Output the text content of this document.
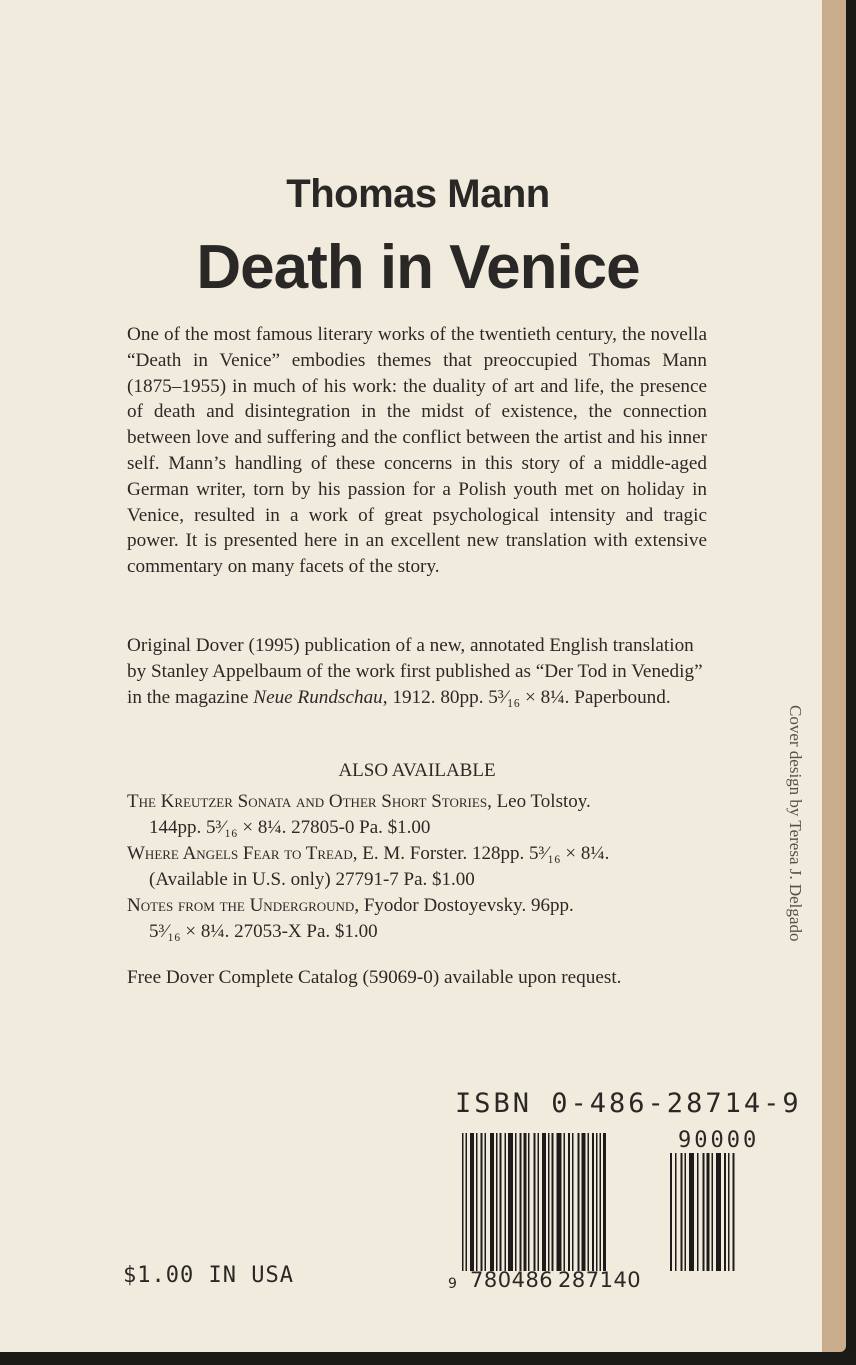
Thomas Mann
Death in Venice
One of the most famous literary works of the twentieth century, the novella “Death in Venice” embodies themes that preoccupied Thomas Mann (1875–1955) in much of his work: the duality of art and life, the presence of death and disintegration in the midst of existence, the connection between love and suffering and the conflict between the artist and his inner self. Mann’s handling of these concerns in this story of a middle-aged German writer, torn by his passion for a Polish youth met on holiday in Venice, resulted in a work of great psychological intensity and tragic power. It is presented here in an excellent new translation with extensive commentary on many facets of the story.
Original Dover (1995) publication of a new, annotated English translation by Stanley Appelbaum of the work first published as “Der Tod in Venedig” in the magazine Neue Rundschau, 1912. 80pp. 5³⁄₁₆ × 8¼. Paperbound.
ALSO AVAILABLE
The Kreutzer Sonata and Other Short Stories, Leo Tolstoy.
144pp. 5³⁄₁₆ × 8¼. 27805-0 Pa. $1.00
Where Angels Fear to Tread, E. M. Forster. 128pp. 5³⁄₁₆ × 8¼.
(Available in U.S. only) 27791-7 Pa. $1.00
Notes from the Underground, Fyodor Dostoyevsky. 96pp.
5³⁄₁₆ × 8¼. 27053-X Pa. $1.00
Free Dover Complete Catalog (59069-0) available upon request.
Cover design by Teresa J. Delgado
ISBN 0-486-28714-9
90000
9 780486 287140
$1.00 IN USA
